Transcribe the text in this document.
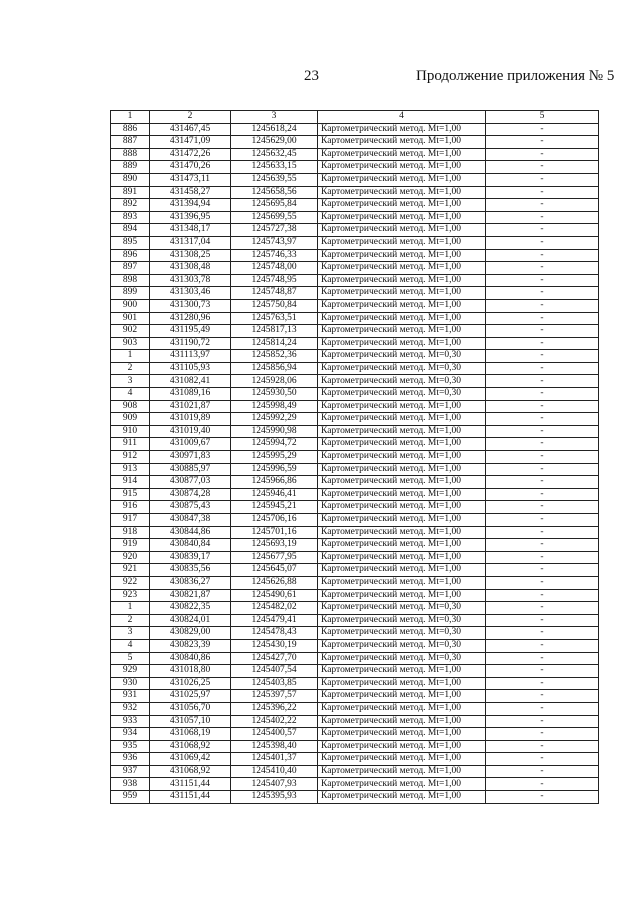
23	Продолжение приложения № 5
1	2	3	4	5
886	431467,45	1245618,24	Картометрический метод. Mt=1,00	-
887	431471,09	1245629,00	Картометрический метод. Mt=1,00	-
888	431472,26	1245632,45	Картометрический метод. Mt=1,00	-
889	431470,26	1245633,15	Картометрический метод. Mt=1,00	-
890	431473,11	1245639,55	Картометрический метод. Mt=1,00	-
891	431458,27	1245658,56	Картометрический метод. Mt=1,00	-
892	431394,94	1245695,84	Картометрический метод. Mt=1,00	-
893	431396,95	1245699,55	Картометрический метод. Mt=1,00	-
894	431348,17	1245727,38	Картометрический метод. Mt=1,00	-
895	431317,04	1245743,97	Картометрический метод. Mt=1,00	-
896	431308,25	1245746,33	Картометрический метод. Mt=1,00	-
897	431308,48	1245748,00	Картометрический метод. Mt=1,00	-
898	431303,78	1245748,95	Картометрический метод. Mt=1,00	-
899	431303,46	1245748,87	Картометрический метод. Mt=1,00	-
900	431300,73	1245750,84	Картометрический метод. Mt=1,00	-
901	431280,96	1245763,51	Картометрический метод. Mt=1,00	-
902	431195,49	1245817,13	Картометрический метод. Mt=1,00	-
903	431190,72	1245814,24	Картометрический метод. Mt=1,00	-
1	431113,97	1245852,36	Картометрический метод. Mt=0,30	-
2	431105,93	1245856,94	Картометрический метод. Mt=0,30	-
3	431082,41	1245928,06	Картометрический метод. Mt=0,30	-
4	431089,16	1245930,50	Картометрический метод. Mt=0,30	-
908	431021,87	1245998,49	Картометрический метод. Mt=1,00	-
909	431019,89	1245992,29	Картометрический метод. Mt=1,00	-
910	431019,40	1245990,98	Картометрический метод. Mt=1,00	-
911	431009,67	1245994,72	Картометрический метод. Mt=1,00	-
912	430971,83	1245995,29	Картометрический метод. Mt=1,00	-
913	430885,97	1245996,59	Картометрический метод. Mt=1,00	-
914	430877,03	1245966,86	Картометрический метод. Mt=1,00	-
915	430874,28	1245946,41	Картометрический метод. Mt=1,00	-
916	430875,43	1245945,21	Картометрический метод. Mt=1,00	-
917	430847,38	1245706,16	Картометрический метод. Mt=1,00	-
918	430844,86	1245701,16	Картометрический метод. Mt=1,00	-
919	430840,84	1245693,19	Картометрический метод. Mt=1,00	-
920	430839,17	1245677,95	Картометрический метод. Mt=1,00	-
921	430835,56	1245645,07	Картометрический метод. Mt=1,00	-
922	430836,27	1245626,88	Картометрический метод. Mt=1,00	-
923	430821,87	1245490,61	Картометрический метод. Mt=1,00	-
1	430822,35	1245482,02	Картометрический метод. Mt=0,30	-
2	430824,01	1245479,41	Картометрический метод. Mt=0,30	-
3	430829,00	1245478,43	Картометрический метод. Mt=0,30	-
4	430823,39	1245430,19	Картометрический метод. Mt=0,30	-
5	430840,86	1245427,70	Картометрический метод. Mt=0,30	-
929	431018,80	1245407,54	Картометрический метод. Mt=1,00	-
930	431026,25	1245403,85	Картометрический метод. Mt=1,00	-
931	431025,97	1245397,57	Картометрический метод. Mt=1,00	-
932	431056,70	1245396,22	Картометрический метод. Mt=1,00	-
933	431057,10	1245402,22	Картометрический метод. Mt=1,00	-
934	431068,19	1245400,57	Картометрический метод. Mt=1,00	-
935	431068,92	1245398,40	Картометрический метод. Mt=1,00	-
936	431069,42	1245401,37	Картометрический метод. Mt=1,00	-
937	431068,92	1245410,40	Картометрический метод. Mt=1,00	-
938	431151,44	1245407,93	Картометрический метод. Mt=1,00	-
959	431151,44	1245395,93	Картометрический метод. Mt=1,00	-
